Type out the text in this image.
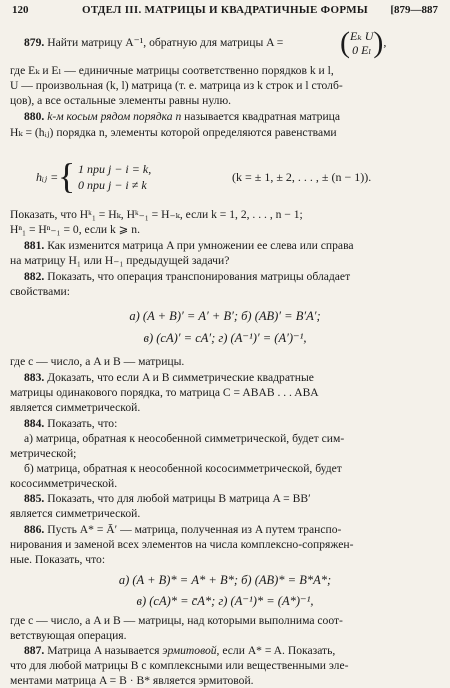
120	ОТДЕЛ III. МАТРИЦЫ И КВАДРАТИЧНЫЕ ФОРМЫ	[879—887
879. Найти матрицу A⁻¹, обратную для матрицы A =	(Eₖ U
0 Eₗ),
где Eₖ и Eₗ — единичные матрицы соответственно порядков k и l,
U — произвольная (k, l) матрица (т. е. матрица из k строк и l столб-
цов), а все остальные элементы равны нулю.
880. k-м косым рядом порядка n называется квадратная матрица
Hₖ = (hᵢⱼ) порядка n, элементы которой определяются равенствами
hᵢⱼ = { 1 при j − i = k,
0 при j − i ≠ k
(k = ± 1, ± 2, . . . , ± (n − 1)).
Показать, что Hᵏ₁ = Hₖ, Hᵏ₋₁ = H₋ₖ, если k = 1, 2, . . . , n − 1;
Hⁿ₁ = Hⁿ₋₁ = 0, если k ⩾ n.
881. Как изменится матрица A при умножении ее слева или справа
на матрицу H₁ или H₋₁ предыдущей задачи?
882. Показать, что операция транспонирования матрицы обладает
свойствами:
а) (A + B)′ = A′ + B′; б) (AB)′ = B′A′;
в) (cA)′ = cA′; г) (A⁻¹)′ = (A′)⁻¹,
где c — число, а A и B — матрицы.
883. Доказать, что если A и B симметрические квадратные
матрицы одинакового порядка, то матрица C = ABAB . . . ABA
является симметрической.
884. Показать, что:
а) матрица, обратная к неособенной симметрической, будет сим-
метрической;
б) матрица, обратная к неособенной кососимметрической, будет
кососимметрической.
885. Показать, что для любой матрицы B матрица A = BB′
является симметрической.
886. Пусть A* = Ā′ — матрица, полученная из A путем транспо-
нирования и заменой всех элементов на числа комплексно-сопряжен-
ные. Показать, что:
а) (A + B)* = A* + B*; б) (AB)* = B*A*;
в) (cA)* = c̄A*; г) (A⁻¹)* = (A*)⁻¹,
где c — число, а A и B — матрицы, над которыми выполнима соот-
ветствующая операция.
887. Матрица A называется эрмитовой, если A* = A. Показать,
что для любой матрицы B с комплексными или вещественными эле-
ментами матрица A = B · B* является эрмитовой.
